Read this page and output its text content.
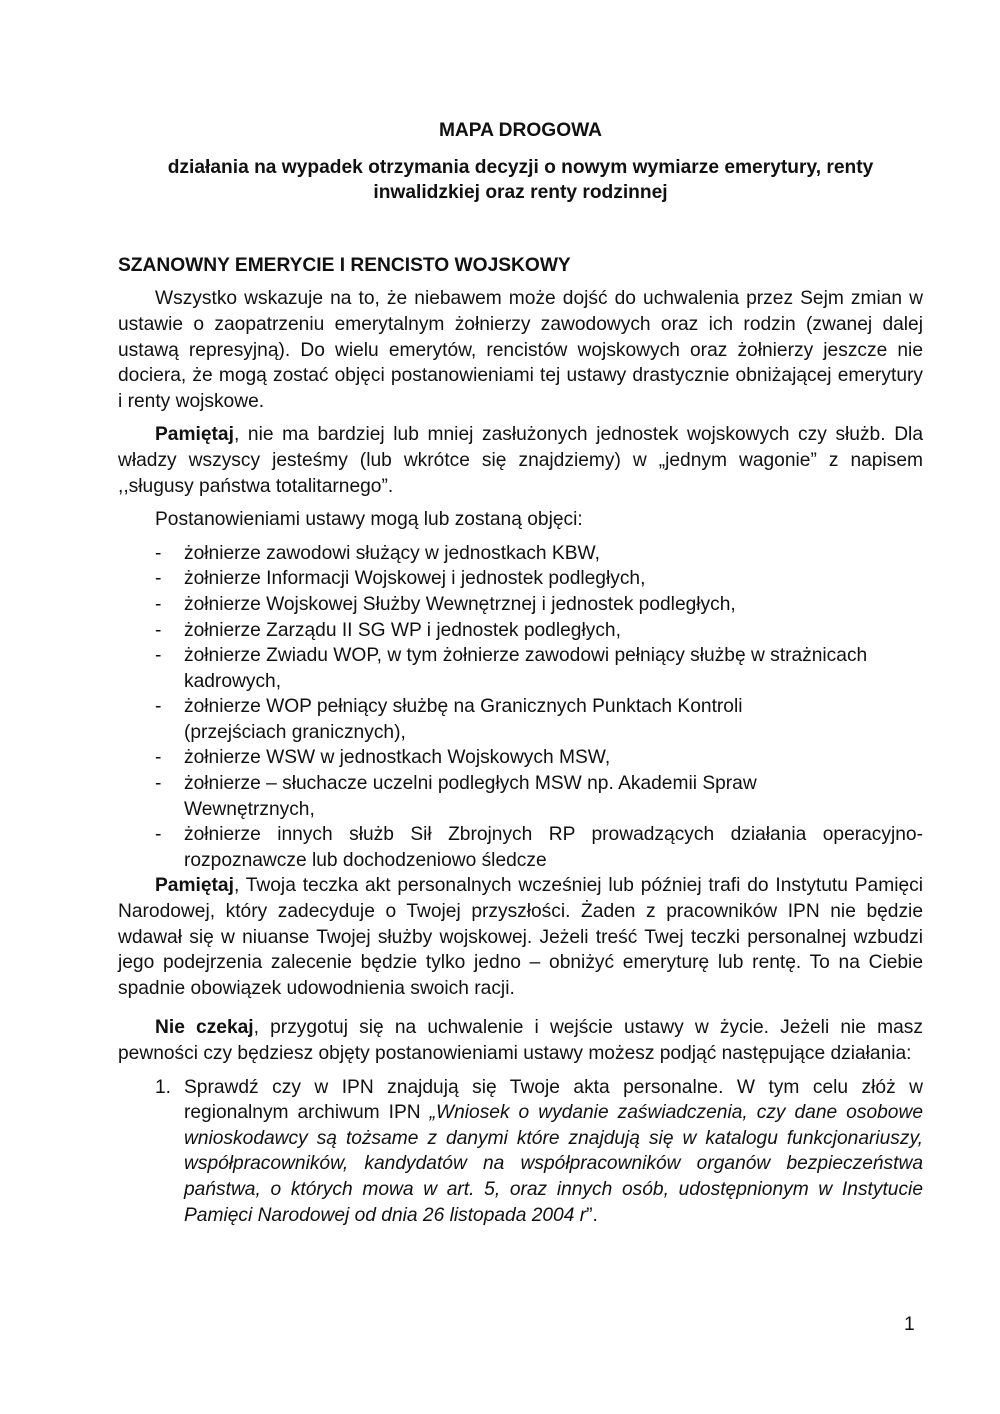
MAPA DROGOWA

działania na wypadek otrzymania decyzji o nowym wymiarze emerytury, renty inwalidzkiej oraz renty rodzinnej

SZANOWNY EMERYCIE I RENCISTO WOJSKOWY

Wszystko wskazuje na to, że niebawem może dojść do uchwalenia przez Sejm zmian w ustawie o zaopatrzeniu emerytalnym żołnierzy zawodowych oraz ich rodzin (zwanej dalej ustawą represyjną). Do wielu emerytów, rencistów wojskowych oraz żołnierzy jeszcze nie dociera, że mogą zostać objęci postanowieniami tej ustawy drastycznie obniżającej emerytury i renty wojskowe.

Pamiętaj, nie ma bardziej lub mniej zasłużonych jednostek wojskowych czy służb. Dla władzy wszyscy jesteśmy (lub wkrótce się znajdziemy) w „jednym wagonie” z napisem ,,sługusy państwa totalitarnego”.

Postanowieniami ustawy mogą lub zostaną objęci:

- żołnierze zawodowi służący w jednostkach KBW,
- żołnierze Informacji Wojskowej i jednostek podległych,
- żołnierze Wojskowej Służby Wewnętrznej i jednostek podległych,
- żołnierze Zarządu II SG WP i jednostek podległych,
- żołnierze Zwiadu WOP, w tym żołnierze zawodowi pełniący służbę w strażnicach kadrowych,
- żołnierze WOP pełniący służbę na Granicznych Punktach Kontroli (przejściach granicznych),
- żołnierze WSW w jednostkach Wojskowych MSW,
- żołnierze – słuchacze uczelni podległych MSW np. Akademii Spraw Wewnętrznych,
- żołnierze innych służb Sił Zbrojnych RP prowadzących działania operacyjno-rozpoznawcze lub dochodzeniowo śledcze

Pamiętaj, Twoja teczka akt personalnych wcześniej lub później trafi do Instytutu Pamięci Narodowej, który zadecyduje o Twojej przyszłości. Żaden z pracowników IPN nie będzie wdawał się w niuanse Twojej służby wojskowej. Jeżeli treść Twej teczki personalnej wzbudzi jego podejrzenia zalecenie będzie tylko jedno – obniżyć emeryturę lub rentę. To na Ciebie spadnie obowiązek udowodnienia swoich racji.

Nie czekaj, przygotuj się na uchwalenie i wejście ustawy w życie. Jeżeli nie masz pewności czy będziesz objęty postanowieniami ustawy możesz podjąć następujące działania:

1. Sprawdź czy w IPN znajdują się Twoje akta personalne. W tym celu złóż w regionalnym archiwum IPN „Wniosek o wydanie zaświadczenia, czy dane osobowe wnioskodawcy są tożsame z danymi które znajdują się w katalogu funkcjonariuszy, współpracowników, kandydatów na współpracowników organów bezpieczeństwa państwa, o których mowa w art. 5, oraz innych osób, udostępnionym w Instytucie Pamięci Narodowej od dnia 26 listopada 2004 r”.
1
